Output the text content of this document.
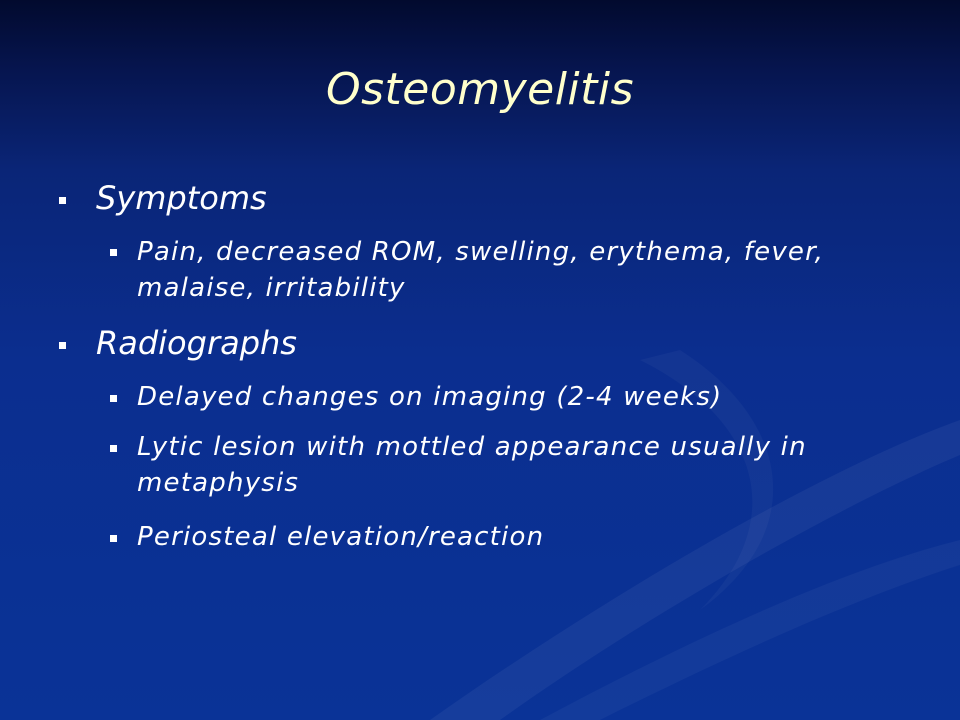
Osteomyelitis
Symptoms
Pain, decreased ROM, swelling, erythema, fever, malaise, irritability
Radiographs
Delayed changes on imaging (2-4 weeks)
Lytic lesion with mottled appearance usually in metaphysis
Periosteal elevation/reaction
